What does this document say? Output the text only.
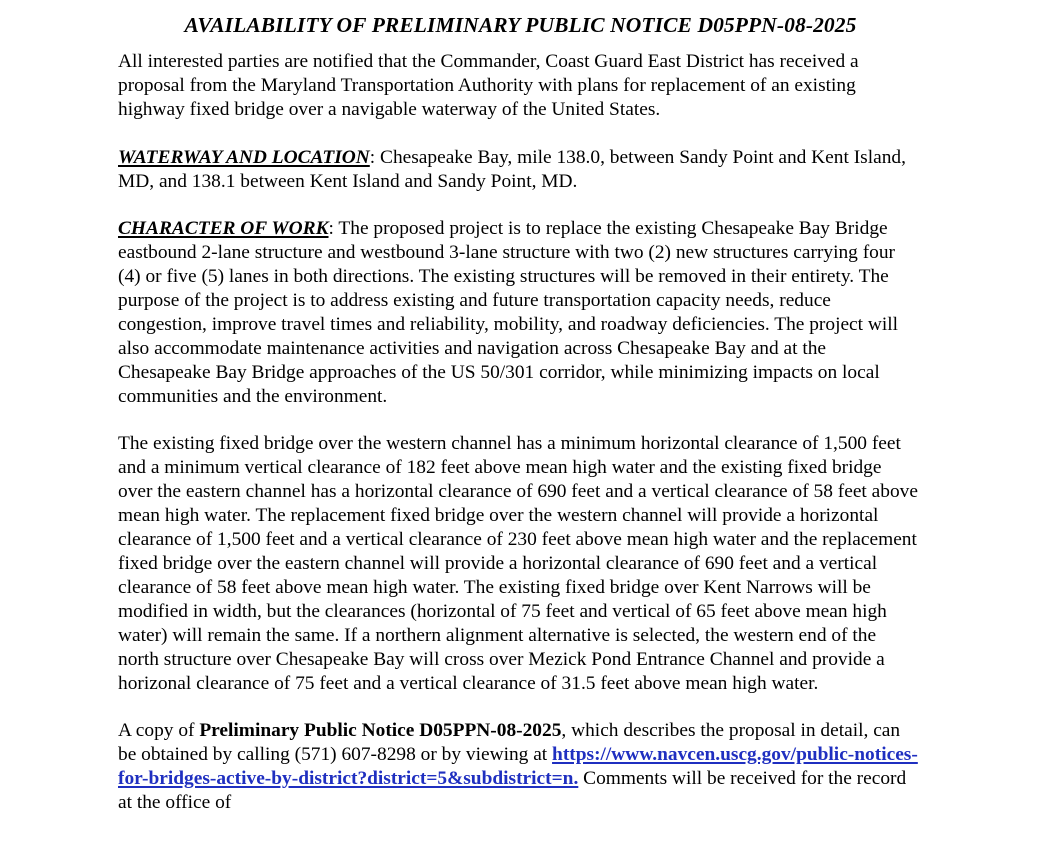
AVAILABILITY OF PRELIMINARY PUBLIC NOTICE D05PPN-08-2025

All interested parties are notified that the Commander, Coast Guard East District has received a proposal from the Maryland Transportation Authority with plans for replacement of an existing highway fixed bridge over a navigable waterway of the United States.

WATERWAY AND LOCATION: Chesapeake Bay, mile 138.0, between Sandy Point and Kent Island, MD, and 138.1 between Kent Island and Sandy Point, MD.

CHARACTER OF WORK: The proposed project is to replace the existing Chesapeake Bay Bridge eastbound 2-lane structure and westbound 3-lane structure with two (2) new structures carrying four (4) or five (5) lanes in both directions. The existing structures will be removed in their entirety. The purpose of the project is to address existing and future transportation capacity needs, reduce congestion, improve travel times and reliability, mobility, and roadway deficiencies. The project will also accommodate maintenance activities and navigation across Chesapeake Bay and at the Chesapeake Bay Bridge approaches of the US 50/301 corridor, while minimizing impacts on local communities and the environment.

The existing fixed bridge over the western channel has a minimum horizontal clearance of 1,500 feet and a minimum vertical clearance of 182 feet above mean high water and the existing fixed bridge over the eastern channel has a horizontal clearance of 690 feet and a vertical clearance of 58 feet above mean high water. The replacement fixed bridge over the western channel will provide a horizontal clearance of 1,500 feet and a vertical clearance of 230 feet above mean high water and the replacement fixed bridge over the eastern channel will provide a horizontal clearance of 690 feet and a vertical clearance of 58 feet above mean high water. The existing fixed bridge over Kent Narrows will be modified in width, but the clearances (horizontal of 75 feet and vertical of 65 feet above mean high water) will remain the same. If a northern alignment alternative is selected, the western end of the north structure over Chesapeake Bay will cross over Mezick Pond Entrance Channel and provide a horizonal clearance of 75 feet and a vertical clearance of 31.5 feet above mean high water.

A copy of Preliminary Public Notice D05PPN-08-2025, which describes the proposal in detail, can be obtained by calling (571) 607-8298 or by viewing at https://www.navcen.uscg.gov/public-notices-for-bridges-active-by-district?district=5&subdistrict=n. Comments will be received for the record at the office of
